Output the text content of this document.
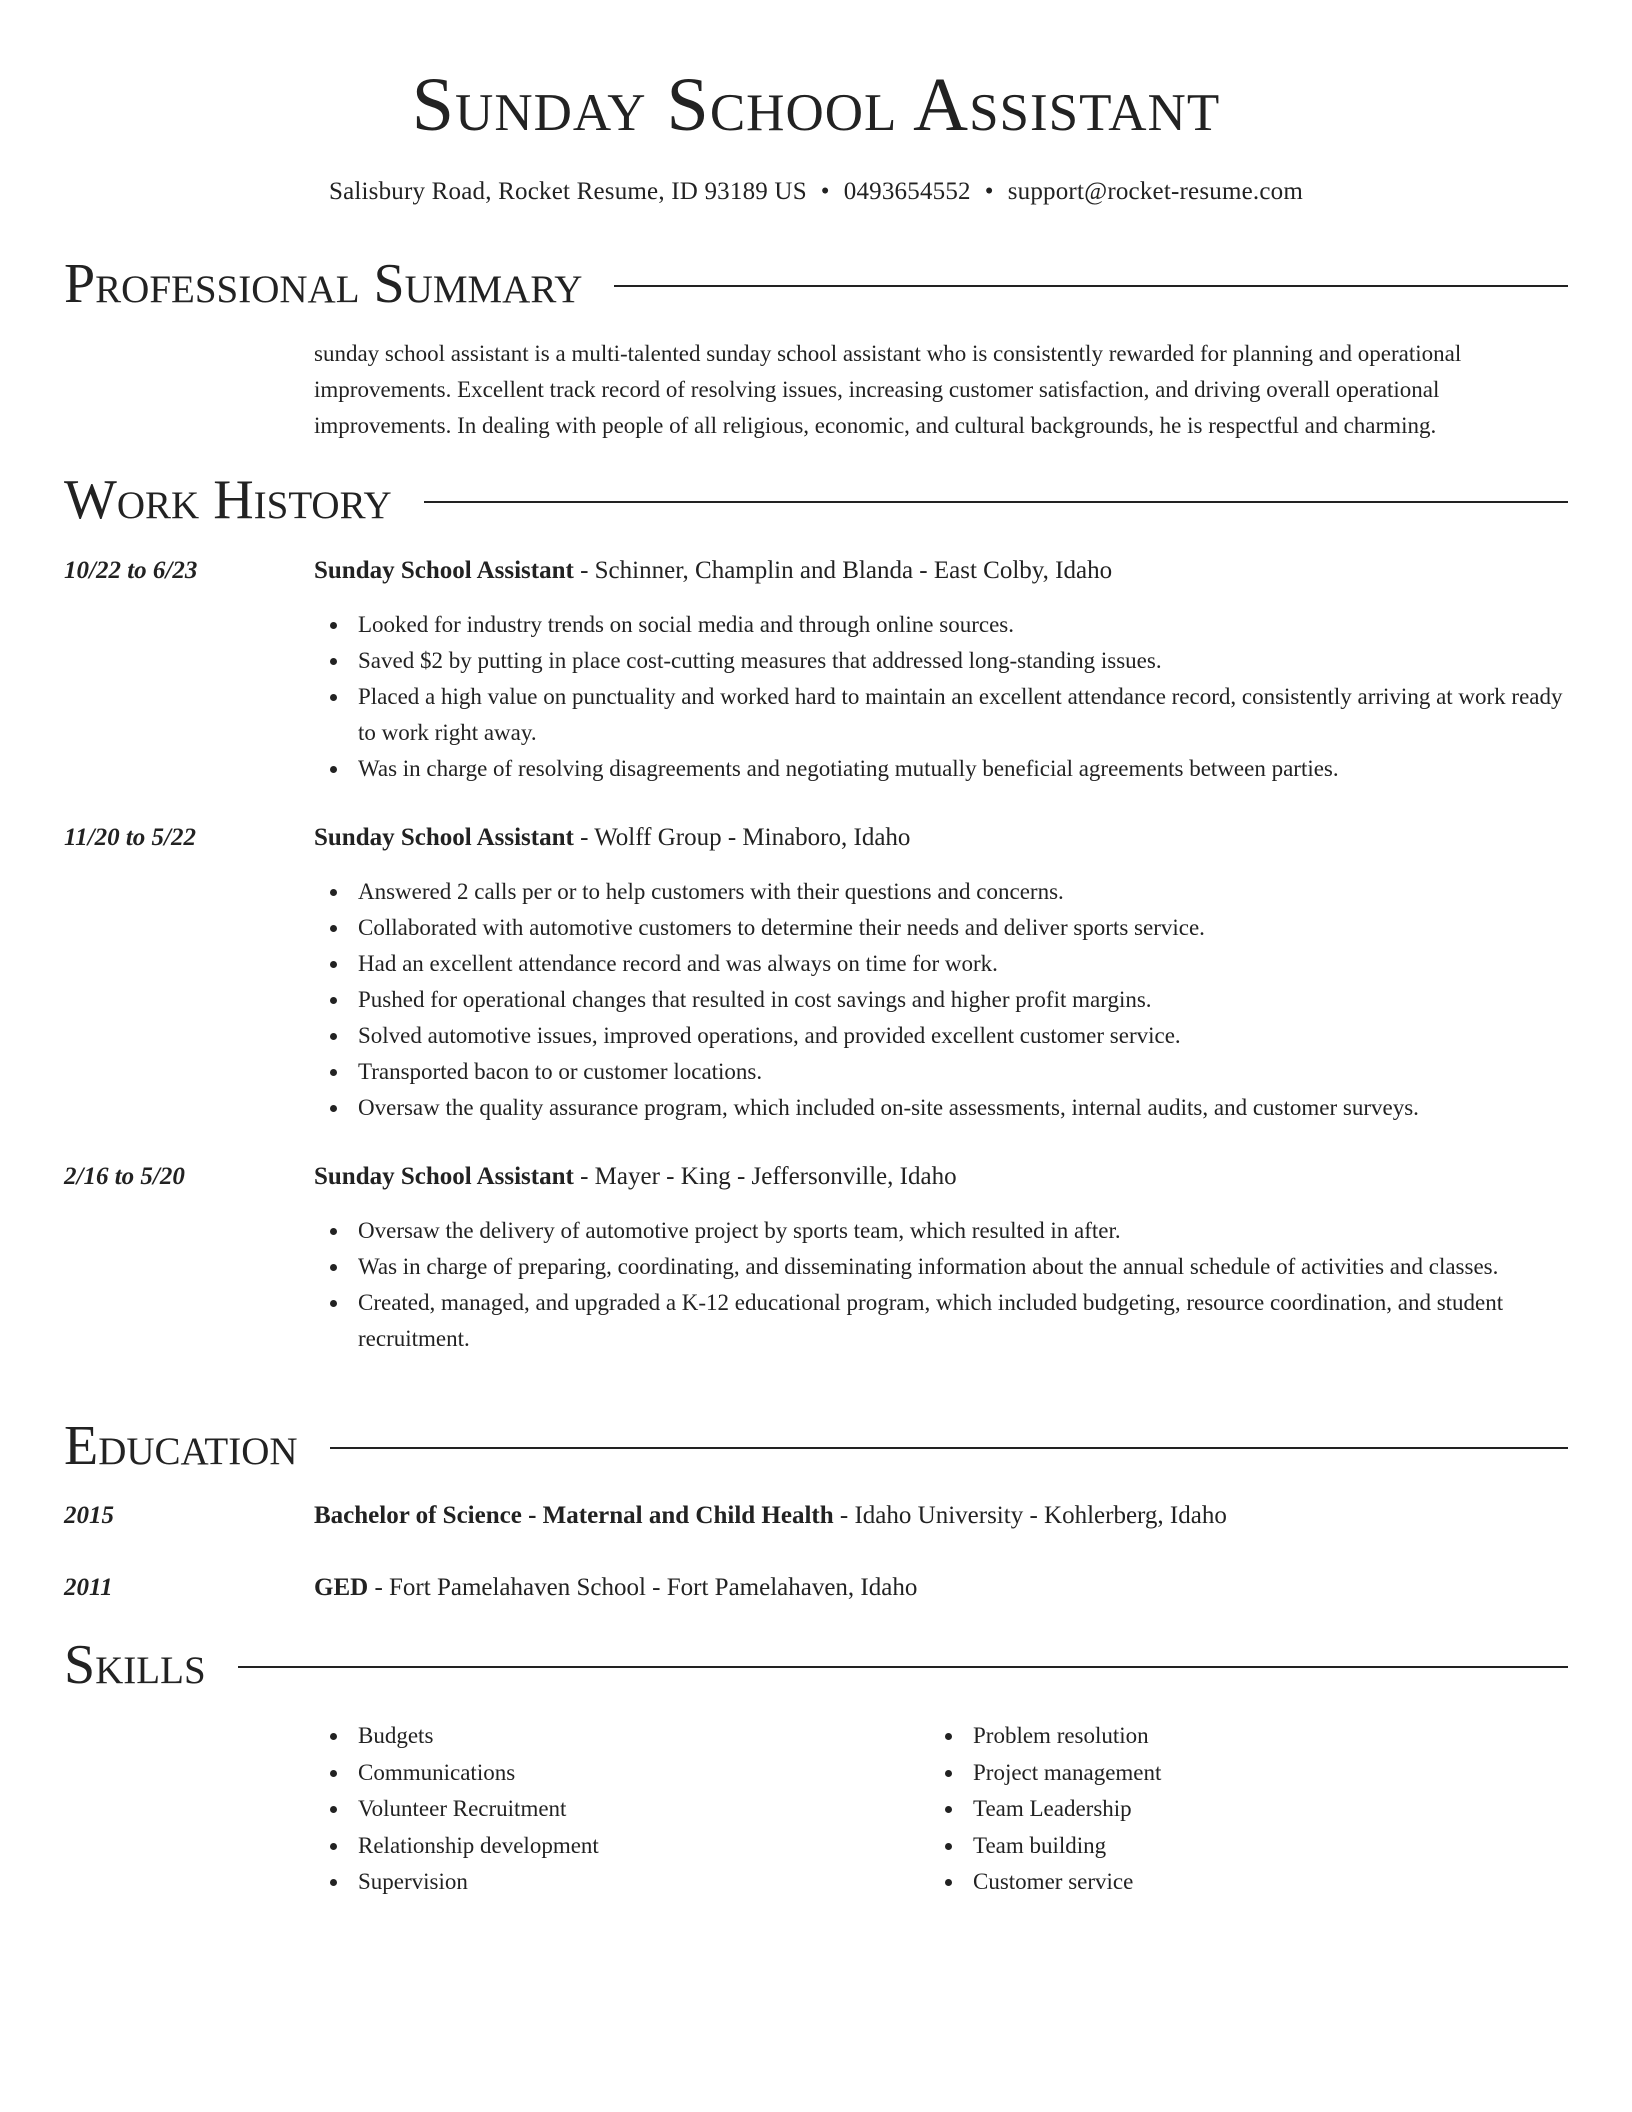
Sunday School Assistant
Salisbury Road, Rocket Resume, ID 93189 US • 0493654552 • support@rocket-resume.com
Professional Summary
sunday school assistant is a multi-talented sunday school assistant who is consistently rewarded for planning and operational improvements. Excellent track record of resolving issues, increasing customer satisfaction, and driving overall operational improvements. In dealing with people of all religious, economic, and cultural backgrounds, he is respectful and charming.
Work History
10/22 to 6/23	Sunday School Assistant - Schinner, Champlin and Blanda - East Colby, Idaho
Looked for industry trends on social media and through online sources.
Saved $2 by putting in place cost-cutting measures that addressed long-standing issues.
Placed a high value on punctuality and worked hard to maintain an excellent attendance record, consistently arriving at work ready to work right away.
Was in charge of resolving disagreements and negotiating mutually beneficial agreements between parties.
11/20 to 5/22	Sunday School Assistant - Wolff Group - Minaboro, Idaho
Answered 2 calls per or to help customers with their questions and concerns.
Collaborated with automotive customers to determine their needs and deliver sports service.
Had an excellent attendance record and was always on time for work.
Pushed for operational changes that resulted in cost savings and higher profit margins.
Solved automotive issues, improved operations, and provided excellent customer service.
Transported bacon to or customer locations.
Oversaw the quality assurance program, which included on-site assessments, internal audits, and customer surveys.
2/16 to 5/20	Sunday School Assistant - Mayer - King - Jeffersonville, Idaho
Oversaw the delivery of automotive project by sports team, which resulted in after.
Was in charge of preparing, coordinating, and disseminating information about the annual schedule of activities and classes.
Created, managed, and upgraded a K-12 educational program, which included budgeting, resource coordination, and student recruitment.
Education
2015	Bachelor of Science - Maternal and Child Health - Idaho University - Kohlerberg, Idaho
2011	GED - Fort Pamelahaven School - Fort Pamelahaven, Idaho
Skills
Budgets
Communications
Volunteer Recruitment
Relationship development
Supervision
Problem resolution
Project management
Team Leadership
Team building
Customer service
